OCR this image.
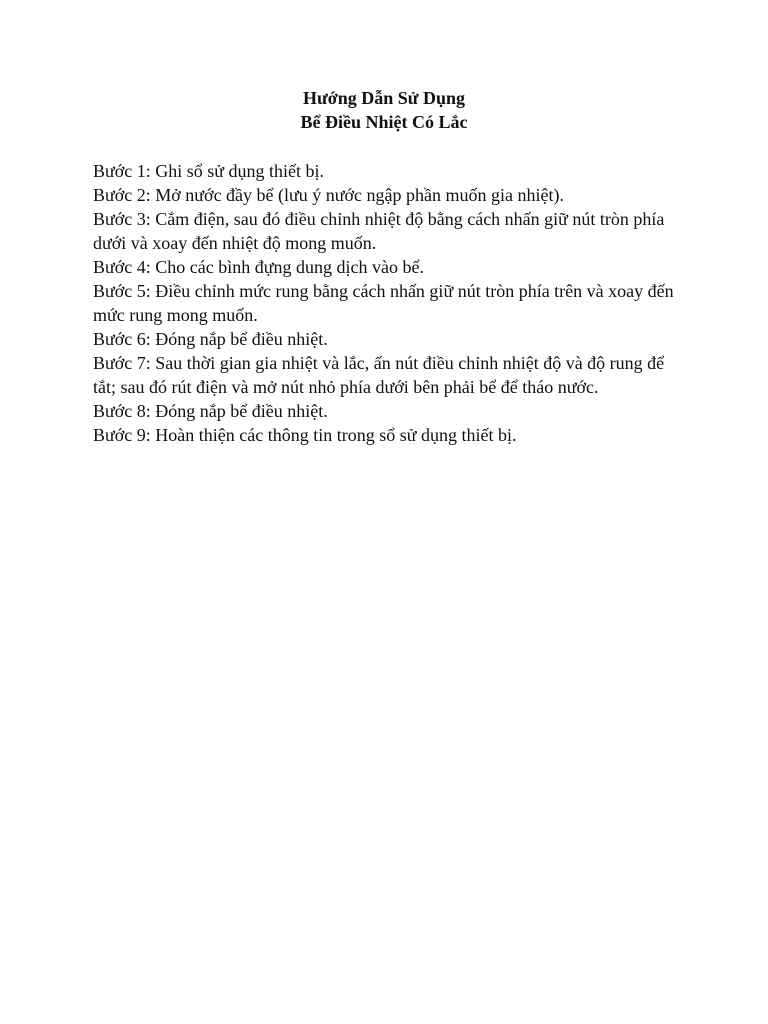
Hướng Dẫn Sử Dụng

Bể Điều Nhiệt Có Lắc

Bước 1: Ghi sổ sử dụng thiết bị.
Bước 2: Mở nước đầy bể (lưu ý nước ngập phần muốn gia nhiệt).
Bước 3: Cắm điện, sau đó điều chỉnh nhiệt độ bằng cách nhấn giữ nút tròn phía dưới và xoay đến nhiệt độ mong muốn.
Bước 4: Cho các bình đựng dung dịch vào bể.
Bước 5: Điều chỉnh mức rung bằng cách nhấn giữ nút tròn phía trên và xoay đến mức rung mong muốn.
Bước 6: Đóng nắp bể điều nhiệt.
Bước 7: Sau thời gian gia nhiệt và lắc, ấn nút điều chỉnh nhiệt độ và độ rung để tắt; sau đó rút điện và mở nút nhỏ phía dưới bên phải bể để tháo nước.
Bước 8: Đóng nắp bể điều nhiệt.
Bước 9: Hoàn thiện các thông tin trong sổ sử dụng thiết bị.
